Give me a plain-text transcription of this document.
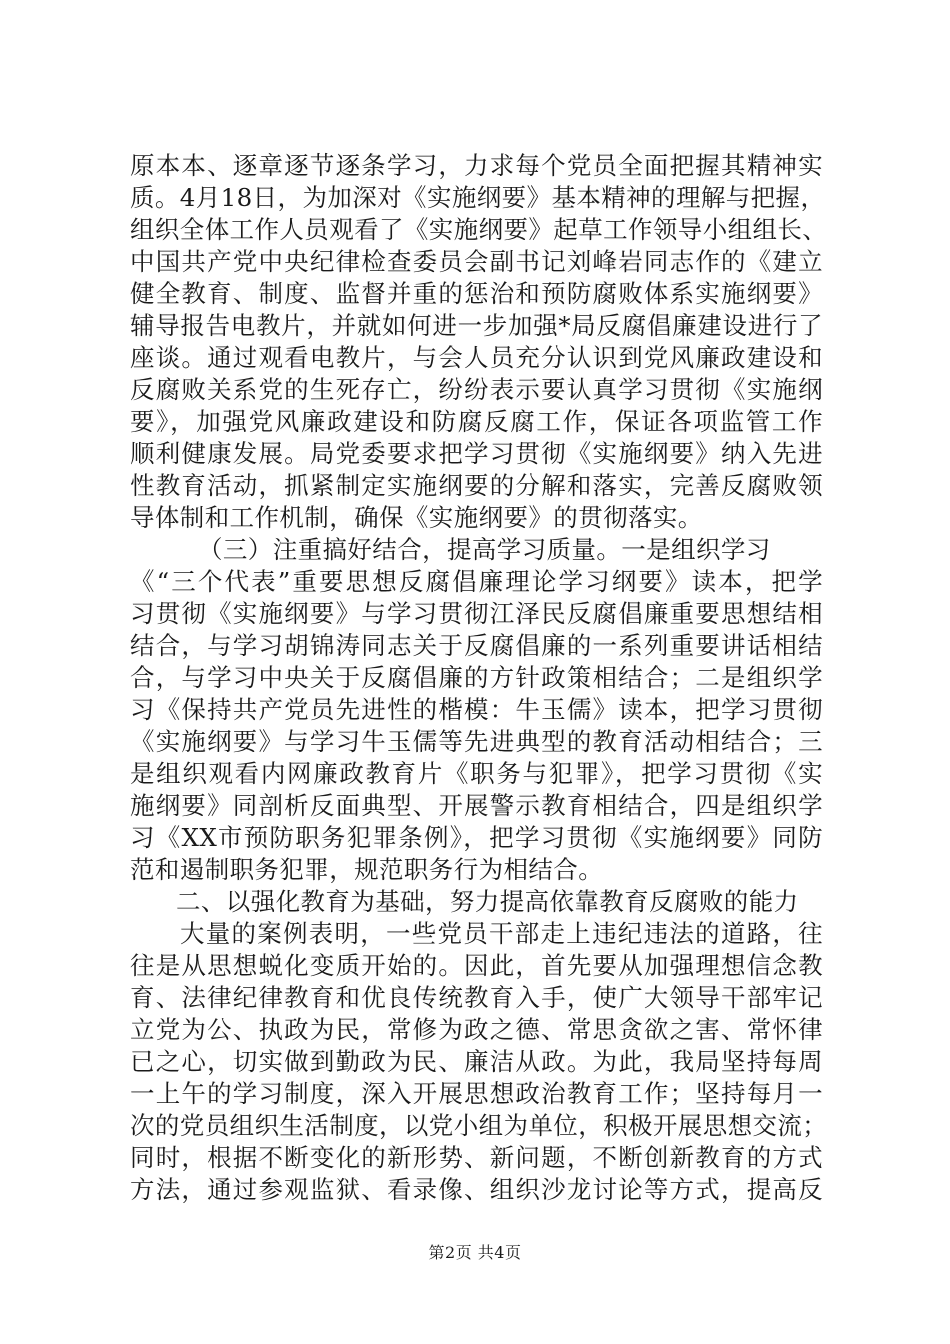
原本本、逐章逐节逐条学习，力求每个党员全面把握其精神实
质。4月18日，为加深对《实施纲要》基本精神的理解与把握，
组织全体工作人员观看了《实施纲要》起草工作领导小组组长、
中国共产党中央纪律检查委员会副书记刘峰岩同志作的《建立
健全教育、制度、监督并重的惩治和预防腐败体系实施纲要》
辅导报告电教片，并就如何进一步加强*局反腐倡廉建设进行了
座谈。通过观看电教片，与会人员充分认识到党风廉政建设和
反腐败关系党的生死存亡，纷纷表示要认真学习贯彻《实施纲
要》，加强党风廉政建设和防腐反腐工作，保证各项监管工作
顺利健康发展。局党委要求把学习贯彻《实施纲要》纳入先进
性教育活动，抓紧制定实施纲要的分解和落实，完善反腐败领
导体制和工作机制，确保《实施纲要》的贯彻落实。
（三）注重搞好结合，提高学习质量。一是组织学习
《“三个代表”重要思想反腐倡廉理论学习纲要》读本，把学
习贯彻《实施纲要》与学习贯彻江泽民反腐倡廉重要思想结相
结合，与学习胡锦涛同志关于反腐倡廉的一系列重要讲话相结
合，与学习中央关于反腐倡廉的方针政策相结合；二是组织学
习《保持共产党员先进性的楷模：牛玉儒》读本，把学习贯彻
《实施纲要》与学习牛玉儒等先进典型的教育活动相结合；三
是组织观看内网廉政教育片《职务与犯罪》，把学习贯彻《实
施纲要》同剖析反面典型、开展警示教育相结合，四是组织学
习《XX市预防职务犯罪条例》，把学习贯彻《实施纲要》同防
范和遏制职务犯罪，规范职务行为相结合。
二、以强化教育为基础，努力提高依靠教育反腐败的能力
大量的案例表明，一些党员干部走上违纪违法的道路，往
往是从思想蜕化变质开始的。因此，首先要从加强理想信念教
育、法律纪律教育和优良传统教育入手，使广大领导干部牢记
立党为公、执政为民，常修为政之德、常思贪欲之害、常怀律
已之心，切实做到勤政为民、廉洁从政。为此，我局坚持每周
一上午的学习制度，深入开展思想政治教育工作；坚持每月一
次的党员组织生活制度，以党小组为单位，积极开展思想交流；
同时，根据不断变化的新形势、新问题，不断创新教育的方式
方法，通过参观监狱、看录像、组织沙龙讨论等方式，提高反
第2页 共4页
